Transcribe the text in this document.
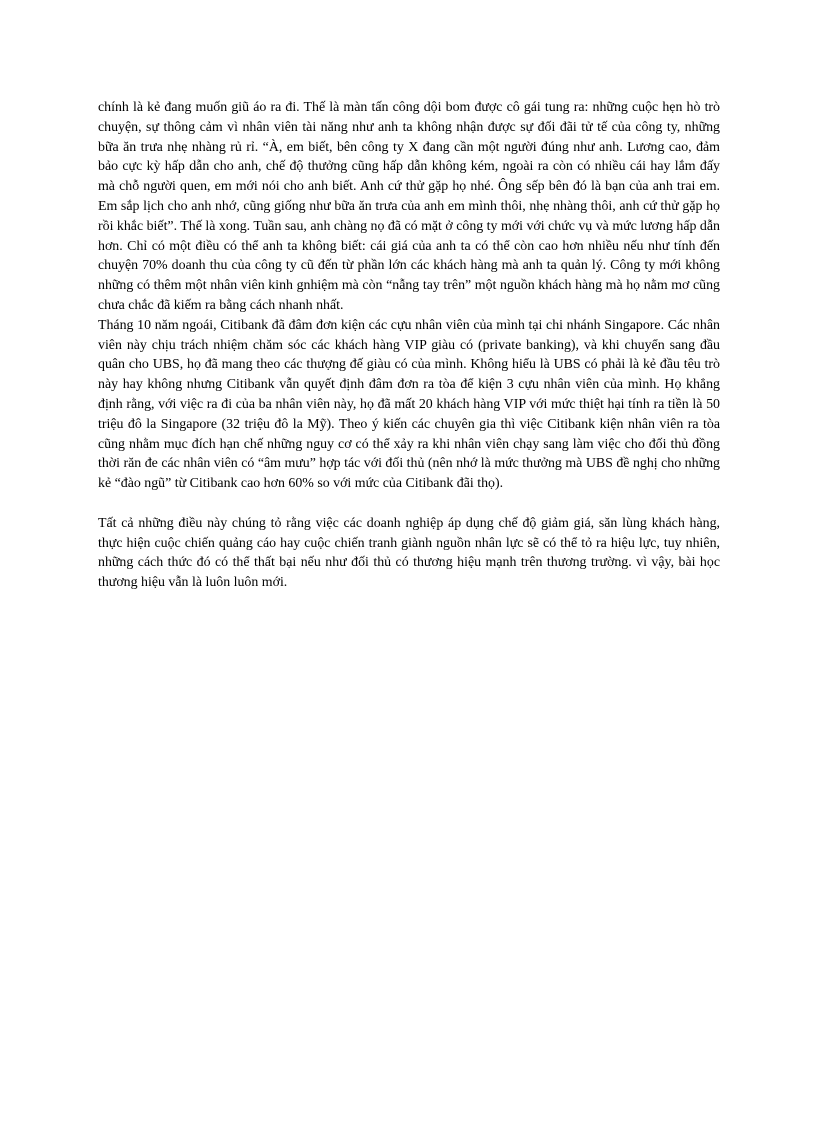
chính là kẻ đang muốn giũ áo ra đi. Thế là màn tấn công dội bom được cô gái tung ra: những cuộc hẹn hò trò chuyện, sự thông cảm vì nhân viên tài năng như anh ta không nhận được sự đối đãi tử tế của công ty, những bữa ăn trưa nhẹ nhàng rủ rỉ. “À, em biết, bên công ty X đang cần một người đúng như anh. Lương cao, đảm bảo cực kỳ hấp dẫn cho anh, chế độ thưởng cũng hấp dẫn không kém, ngoài ra còn có nhiều cái hay lắm đấy mà chỗ người quen, em mới nói cho anh biết. Anh cứ thử gặp họ nhé. Ông sếp bên đó là bạn của anh trai em. Em sắp lịch cho anh nhớ, cũng giống như bữa ăn trưa của anh em mình thôi, nhẹ nhàng thôi, anh cứ thử gặp họ rồi khắc biết”. Thế là xong. Tuần sau, anh chàng nọ đã có mặt ở công ty mới với chức vụ và mức lương hấp dẫn hơn. Chỉ có một điều có thể anh ta không biết: cái giá của anh ta có thể còn cao hơn nhiều nếu như tính đến chuyện 70% doanh thu của công ty cũ đến từ phần lớn các khách hàng mà anh ta quản lý. Công ty mới không những có thêm một nhân viên kinh gnhiệm mà còn “nẫng tay trên” một nguồn khách hàng mà họ nằm mơ cũng chưa chắc đã kiếm ra bằng cách nhanh nhất.

Tháng 10 năm ngoái, Citibank đã đâm đơn kiện các cựu nhân viên của mình tại chi nhánh Singapore. Các nhân viên này chịu trách nhiệm chăm sóc các khách hàng VIP giàu có (private banking), và khi chuyển sang đầu quân cho UBS, họ đã mang theo các thượng đế giàu có của mình. Không hiểu là UBS có phải là kẻ đầu têu trò này hay không nhưng Citibank vẫn quyết định đâm đơn ra tòa để kiện 3 cựu nhân viên của mình. Họ khẳng định rằng, với việc ra đi của ba nhân viên này, họ đã mất 20 khách hàng VIP với mức thiệt hại tính ra tiền là 50 triệu đô la Singapore (32 triệu đô la Mỹ). Theo ý kiến các chuyên gia thì việc Citibank kiện nhân viên ra tòa cũng nhằm mục đích hạn chế những nguy cơ có thể xảy ra khi nhân viên chạy sang làm việc cho đối thủ đồng thời răn đe các nhân viên có “âm mưu” hợp tác với đối thủ (nên nhớ là mức thưởng mà UBS đề nghị cho những kẻ “đào ngũ” từ Citibank cao hơn 60% so với mức của Citibank đãi thọ).

Tất cả những điều này chúng tỏ rằng việc các doanh nghiệp áp dụng chế độ giảm giá, săn lùng khách hàng, thực hiện cuộc chiến quảng cáo hay cuộc chiến tranh giành nguồn nhân lực sẽ có thể tỏ ra hiệu lực, tuy nhiên, những cách thức đó có thể thất bại nếu như đối thủ có thương hiệu mạnh trên thương trường. vì vậy, bài học thương hiệu vẫn là luôn luôn mới.
